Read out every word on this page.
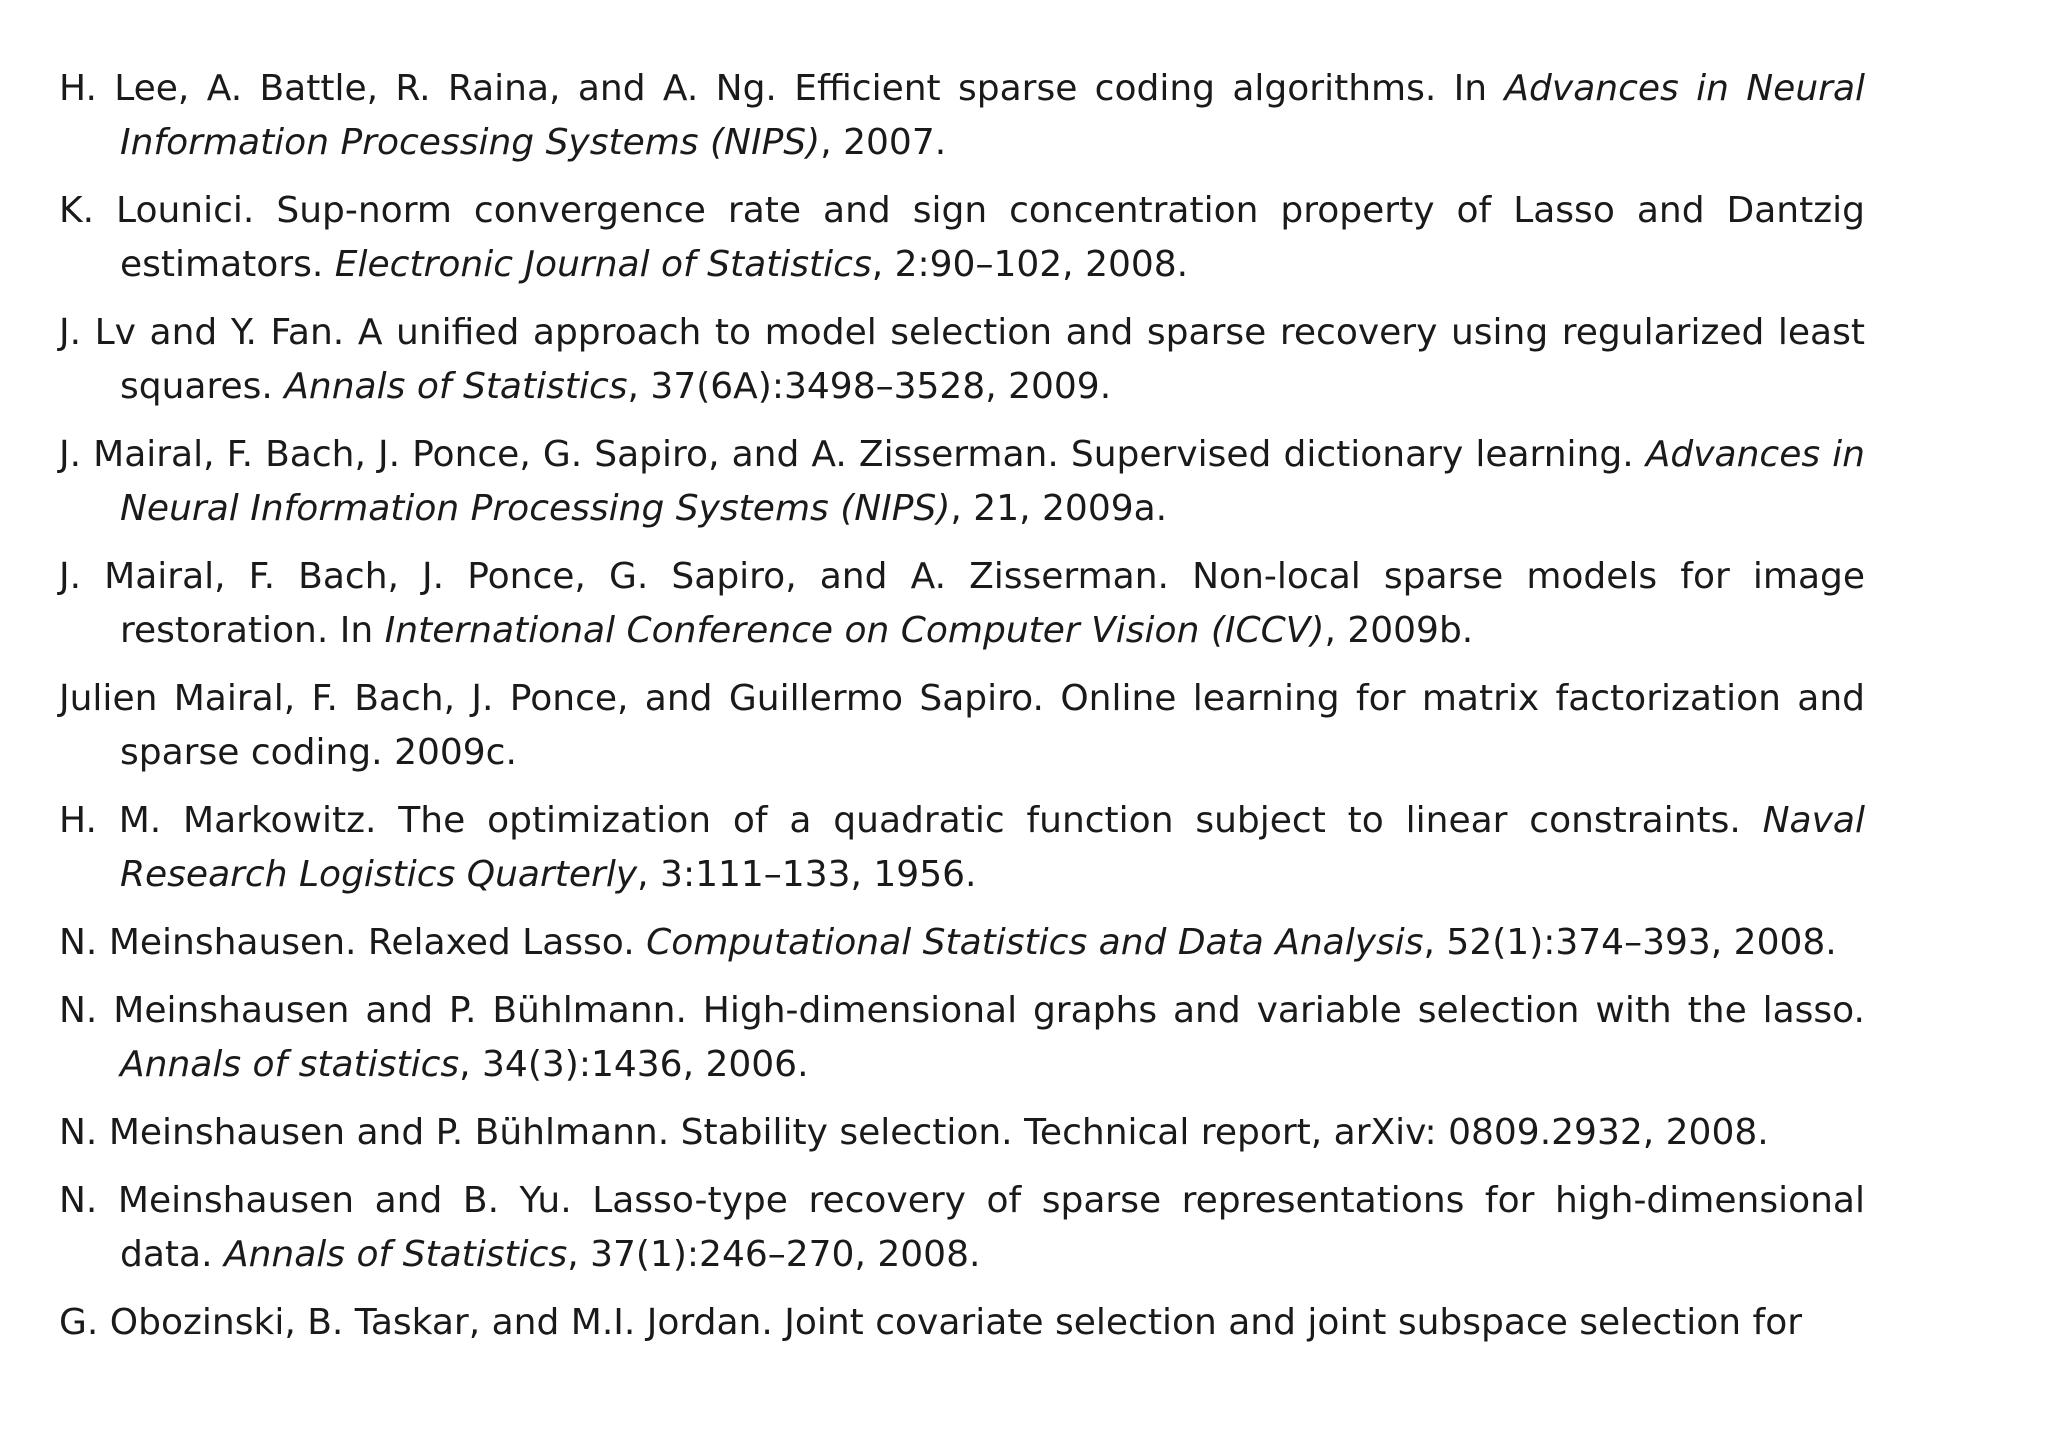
H. Lee, A. Battle, R. Raina, and A. Ng. Efficient sparse coding algorithms. In Advances in Neural Information Processing Systems (NIPS), 2007.

K. Lounici. Sup-norm convergence rate and sign concentration property of Lasso and Dantzig estimators. Electronic Journal of Statistics, 2:90–102, 2008.

J. Lv and Y. Fan. A unified approach to model selection and sparse recovery using regularized least squares. Annals of Statistics, 37(6A):3498–3528, 2009.

J. Mairal, F. Bach, J. Ponce, G. Sapiro, and A. Zisserman. Supervised dictionary learning. Advances in Neural Information Processing Systems (NIPS), 21, 2009a.

J. Mairal, F. Bach, J. Ponce, G. Sapiro, and A. Zisserman. Non-local sparse models for image restoration. In International Conference on Computer Vision (ICCV), 2009b.

Julien Mairal, F. Bach, J. Ponce, and Guillermo Sapiro. Online learning for matrix factorization and sparse coding. 2009c.

H. M. Markowitz. The optimization of a quadratic function subject to linear constraints. Naval Research Logistics Quarterly, 3:111–133, 1956.

N. Meinshausen. Relaxed Lasso. Computational Statistics and Data Analysis, 52(1):374–393, 2008.

N. Meinshausen and P. Bühlmann. High-dimensional graphs and variable selection with the lasso. Annals of statistics, 34(3):1436, 2006.

N. Meinshausen and P. Bühlmann. Stability selection. Technical report, arXiv: 0809.2932, 2008.

N. Meinshausen and B. Yu. Lasso-type recovery of sparse representations for high-dimensional data. Annals of Statistics, 37(1):246–270, 2008.

G. Obozinski, B. Taskar, and M.I. Jordan. Joint covariate selection and joint subspace selection for
